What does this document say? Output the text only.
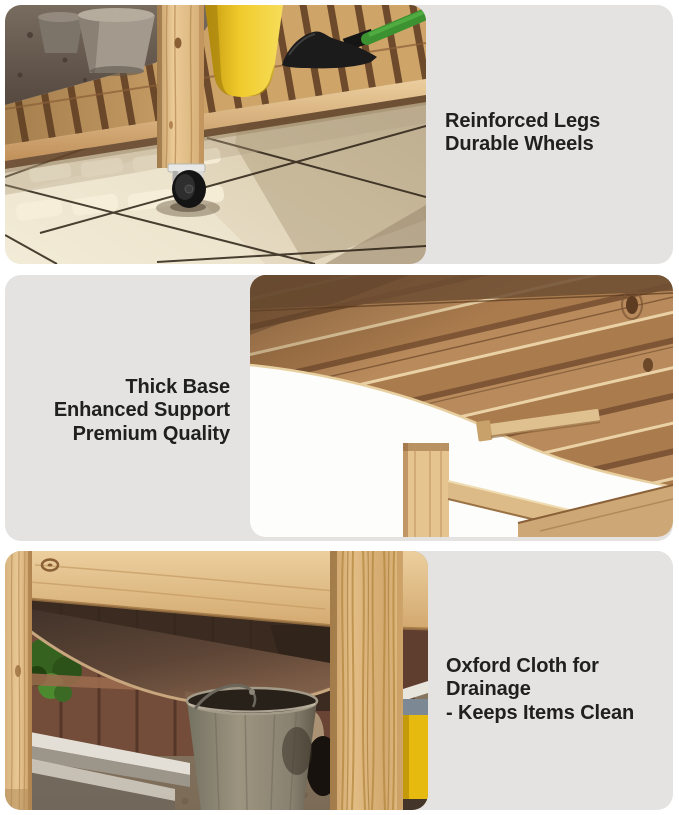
Reinforced Legs
Durable Wheels
Thick Base
Enhanced Support
Premium Quality
Oxford Cloth for
Drainage
- Keeps Items Clean
